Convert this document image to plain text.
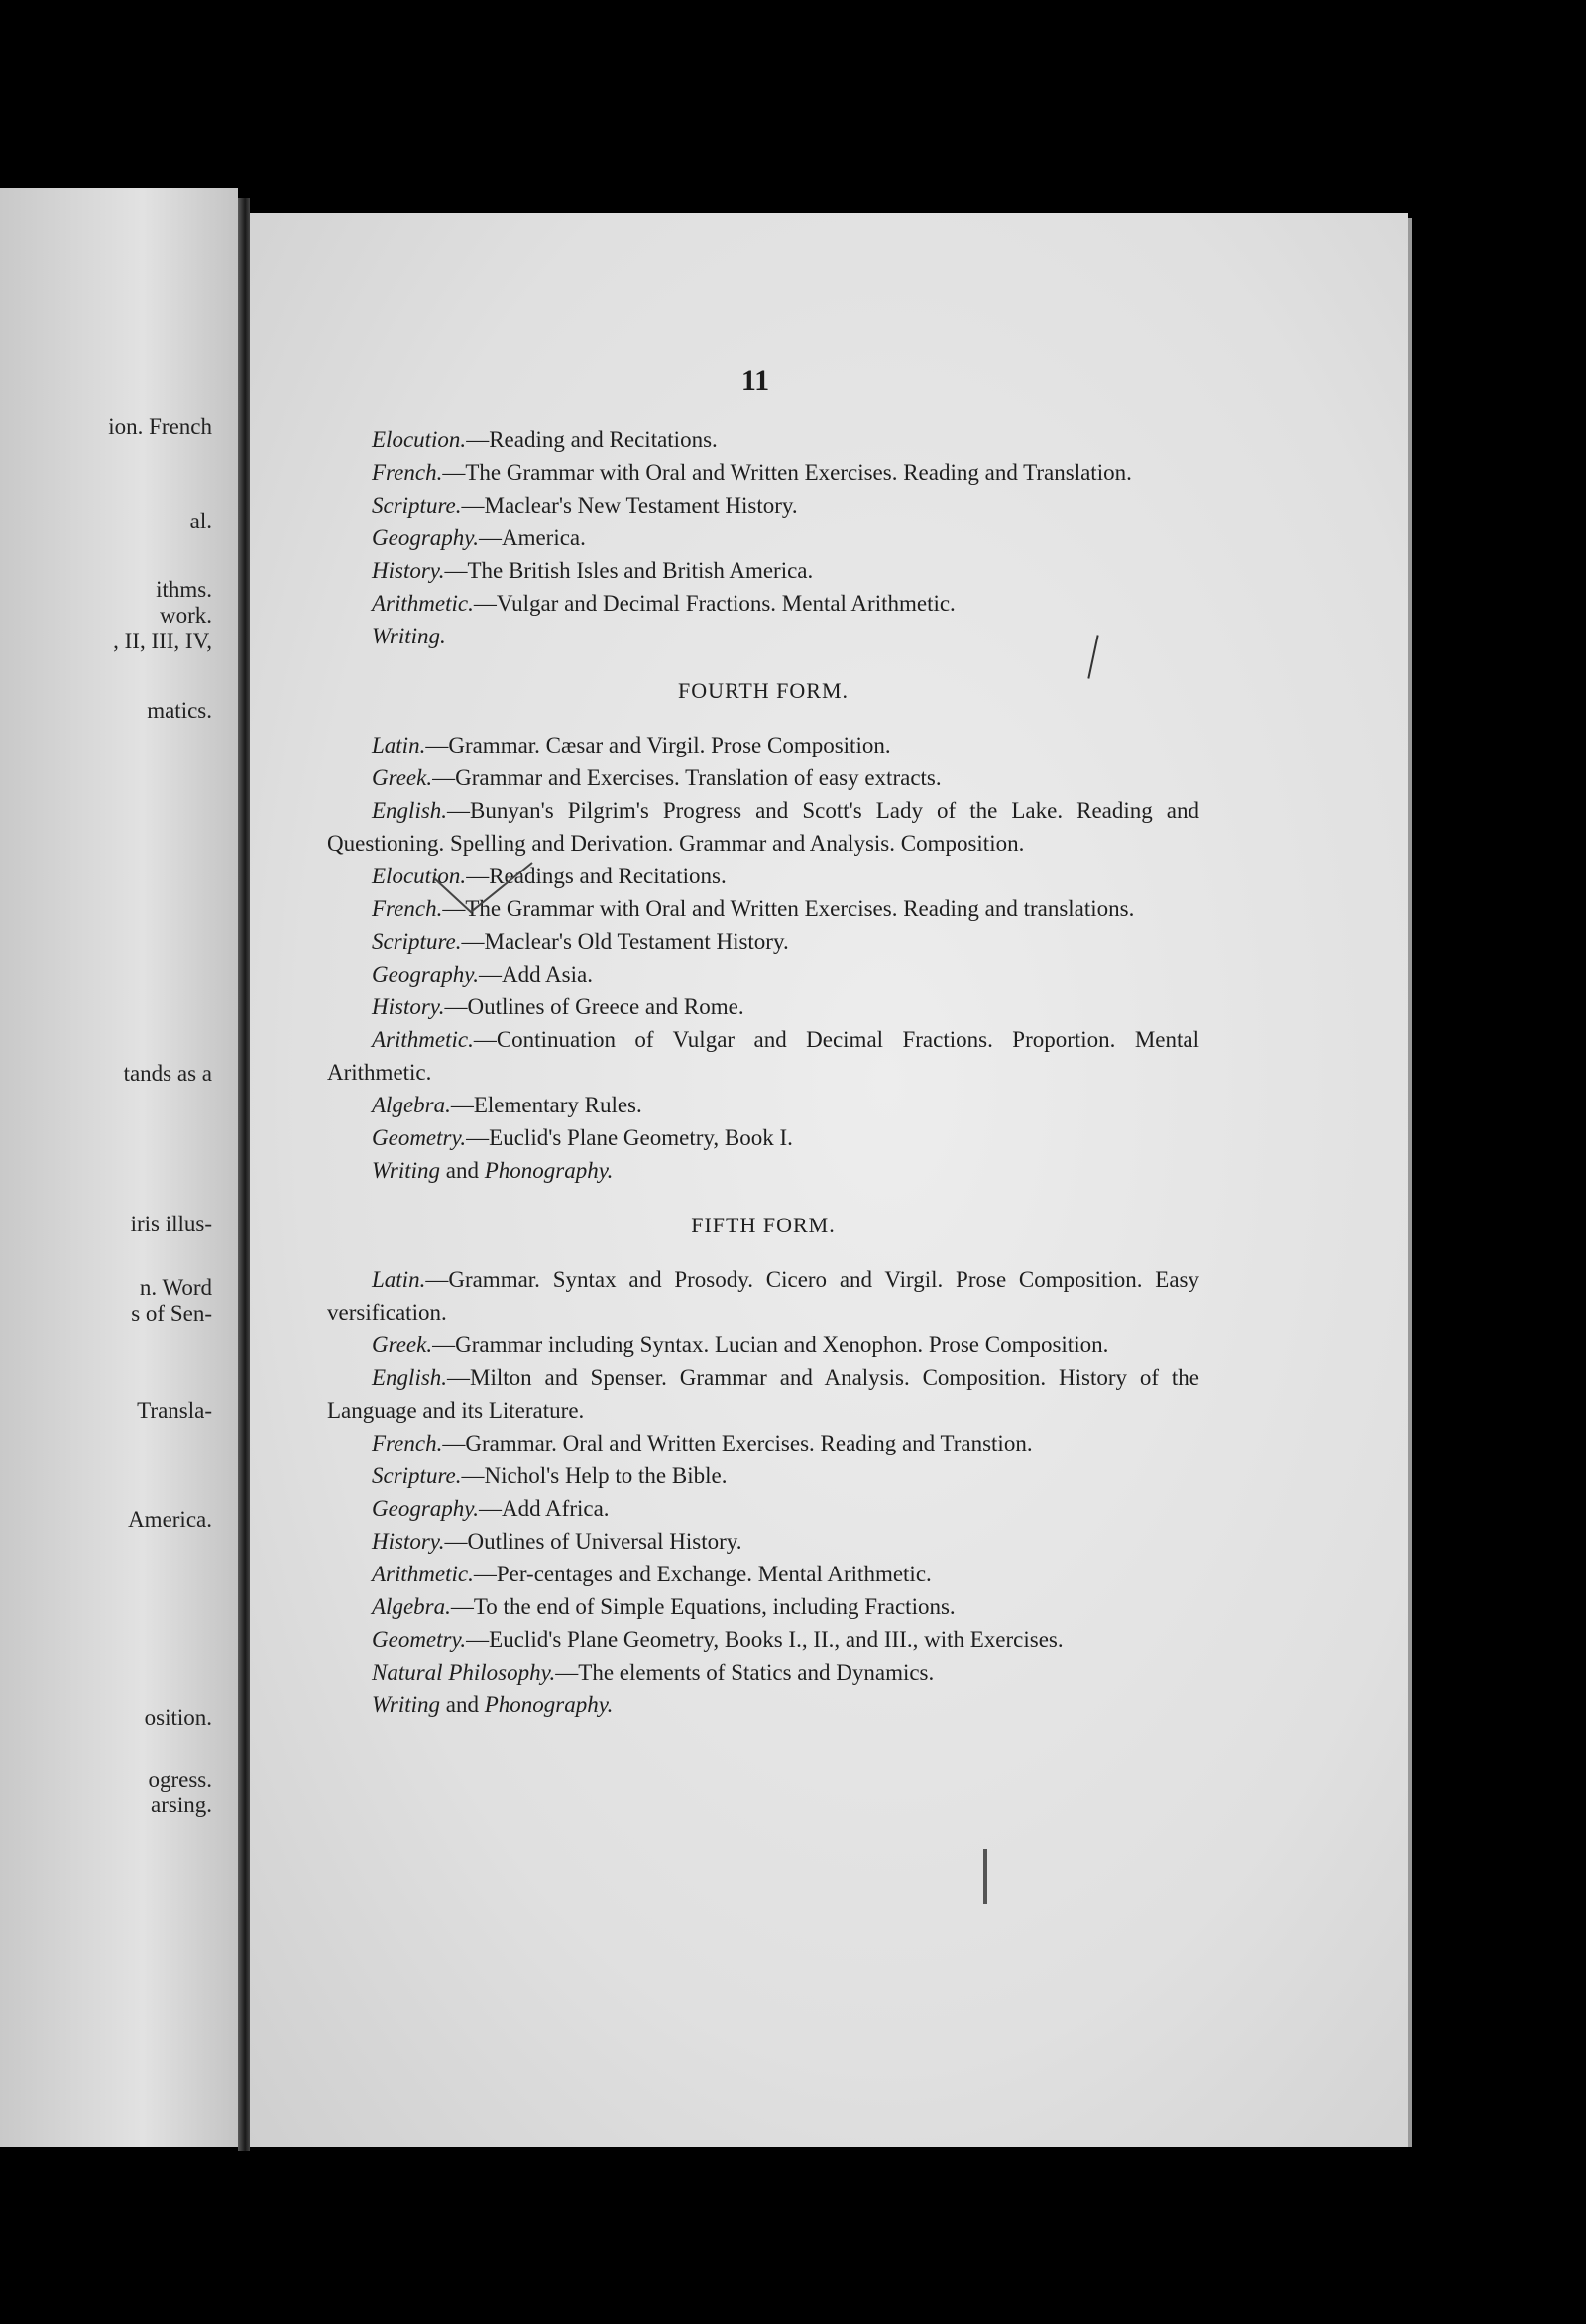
ion. French
al.
ithms.
work.
, II, III, IV,
matics.
tands as a
iris illus-
n. Word
s of Sen-
Transla-
America.
osition.
ogress.
arsing.
11

Elocution.—Reading and Recitations.

French.—The Grammar with Oral and Written Exercises. Reading and Translation.

Scripture.—Maclear's New Testament History.

Geography.—America.

History.—The British Isles and British America.

Arithmetic.—Vulgar and Decimal Fractions. Mental Arithmetic.

Writing.

FOURTH FORM.

Latin.—Grammar. Cæsar and Virgil. Prose Composition.

Greek.—Grammar and Exercises. Translation of easy extracts.

English.—Bunyan's Pilgrim's Progress and Scott's Lady of the Lake. Reading and Questioning. Spelling and Derivation. Grammar and Analysis. Composition.

Elocution.—Readings and Recitations.

French.—The Grammar with Oral and Written Exercises. Reading and translations.

Scripture.—Maclear's Old Testament History.

Geography.—Add Asia.

History.—Outlines of Greece and Rome.

Arithmetic.—Continuation of Vulgar and Decimal Fractions. Proportion. Mental Arithmetic.

Algebra.—Elementary Rules.

Geometry.—Euclid's Plane Geometry, Book I.

Writing and Phonography.

FIFTH FORM.

Latin.—Grammar. Syntax and Prosody. Cicero and Virgil. Prose Composition. Easy versification.

Greek.—Grammar including Syntax. Lucian and Xenophon. Prose Composition.

English.—Milton and Spenser. Grammar and Analysis. Composition. History of the Language and its Literature.

French.—Grammar. Oral and Written Exercises. Reading and Transtion.

Scripture.—Nichol's Help to the Bible.

Geography.—Add Africa.

History.—Outlines of Universal History.

Arithmetic.—Per-centages and Exchange. Mental Arithmetic.

Algebra.—To the end of Simple Equations, including Fractions.

Geometry.—Euclid's Plane Geometry, Books I., II., and III., with Exercises.

Natural Philosophy.—The elements of Statics and Dynamics.

Writing and Phonography.
